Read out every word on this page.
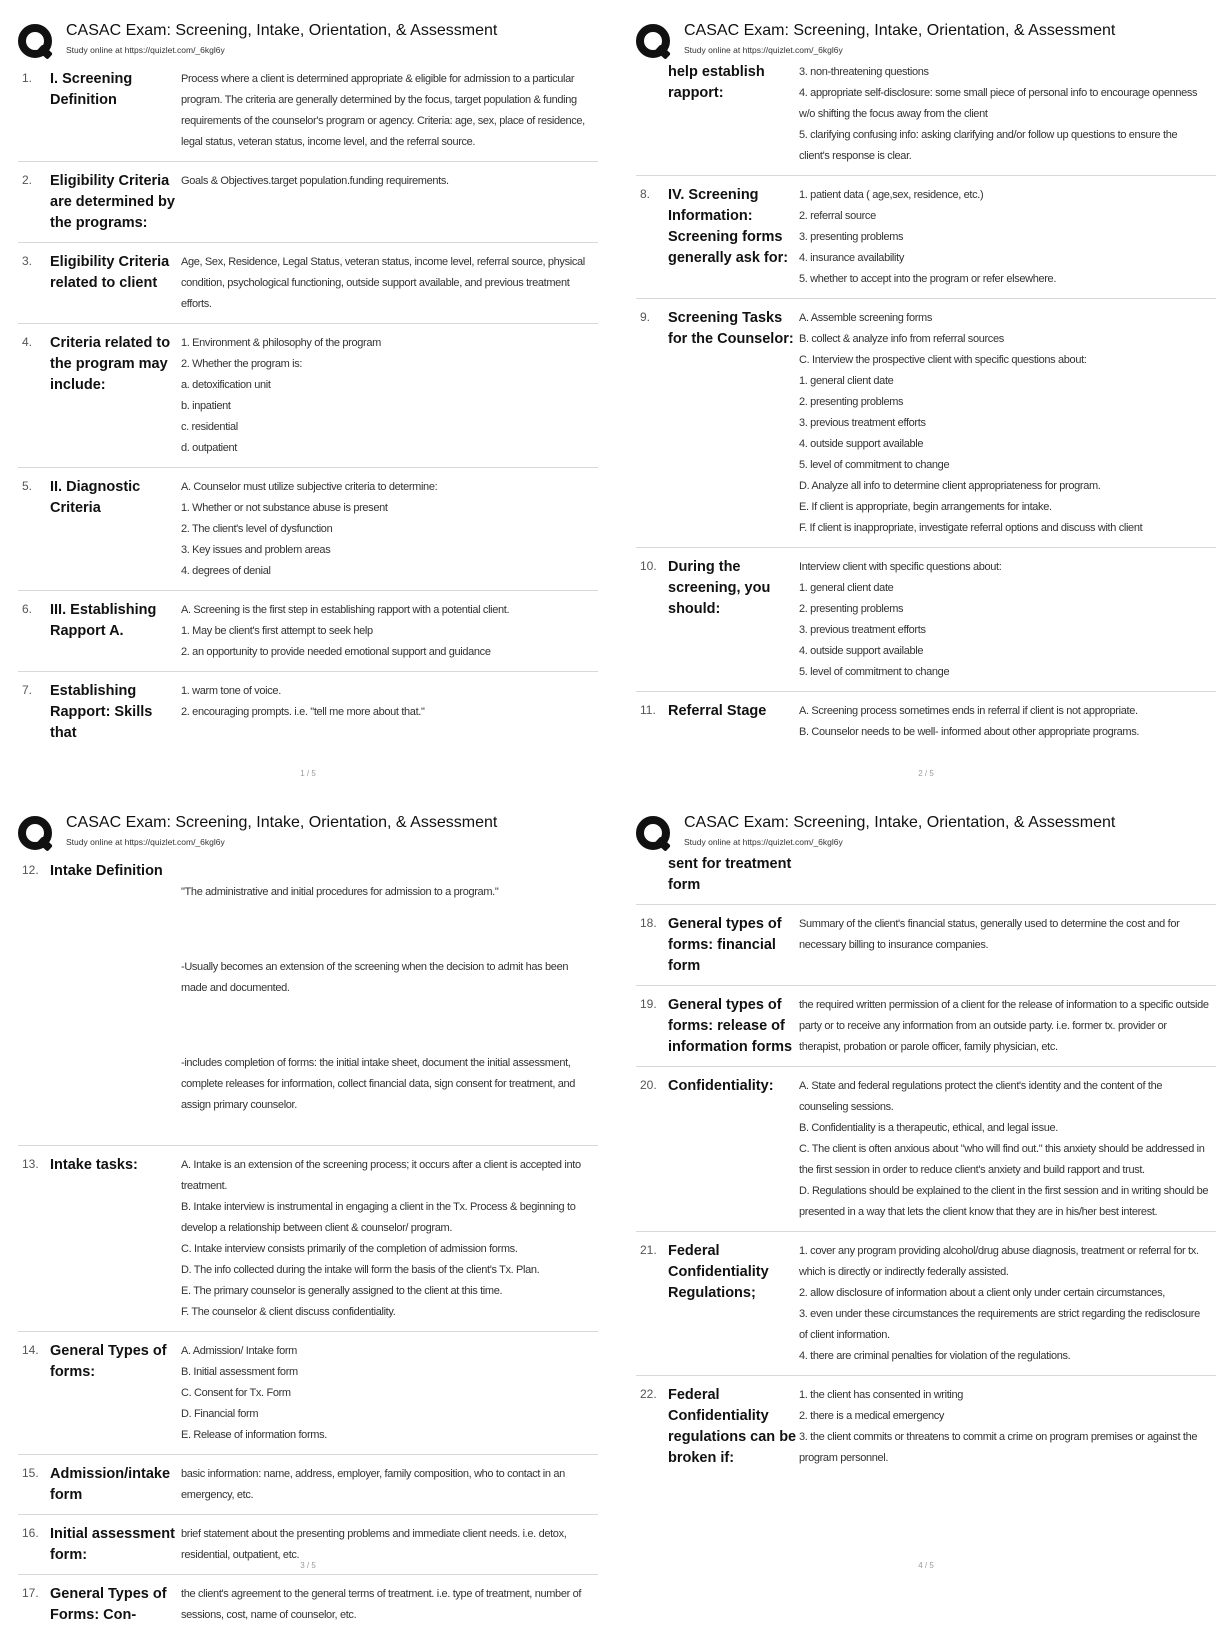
CASAC Exam: Screening, Intake, Orientation, & Assessment
Study online at https://quizlet.com/_6kgl6y
1.	I. Screening Definition
Process where a client is determined appropriate & eligible for admission to a particular program. The criteria are generally determined by the focus, target population & funding requirements of the counselor's program or agency. Criteria: age, sex, place of residence, legal status, veteran status, income level, and the referral source.
2.	Eligibility Criteria are determined by the programs:
Goals & Objectives.target population.funding requirements.
3.	Eligibility Criteria related to client
Age, Sex, Residence, Legal Status, veteran status, income level, referral source, physical condition, psychological functioning, outside support available, and previous treatment efforts.
4.	Criteria related to the program may include:
1. Environment & philosophy of the program
2. Whether the program is:
a. detoxification unit
b. inpatient
c. residential
d. outpatient
5.	II. Diagnostic Criteria
A. Counselor must utilize subjective criteria to determine:
1. Whether or not substance abuse is present
2. The client's level of dysfunction
3. Key issues and problem areas
4. degrees of denial
6.	III. Establishing Rapport A.
A. Screening is the first step in establishing rapport with a potential client.
1. May be client's first attempt to seek help
2. an opportunity to provide needed emotional support and guidance
7.	Establishing Rapport: Skills that
1. warm tone of voice.
2. encouraging prompts. i.e. "tell me more about that."
1 / 5
CASAC Exam: Screening, Intake, Orientation, & Assessment
Study online at https://quizlet.com/_6kgl6y
help establish rapport:
3. non-threatening questions
4. appropriate self-disclosure: some small piece of personal info to encourage openness w/o shifting the focus away from the client
5. clarifying confusing info: asking clarifying and/or follow up questions to ensure the client's response is clear.
8.	IV. Screening Information: Screening forms generally ask for:
1. patient data ( age,sex, residence, etc.)
2. referral source
3. presenting problems
4. insurance availability
5. whether to accept into the program or refer elsewhere.
9.	Screening Tasks for the Counselor:
A. Assemble screening forms
B. collect & analyze info from referral sources
C. Interview the prospective client with specific questions about:
1. general client date
2. presenting problems
3. previous treatment efforts
4. outside support available
5. level of commitment to change
D. Analyze all info to determine client appropriateness for program.
E. If client is appropriate, begin arrangements for intake.
F. If client is inappropriate, investigate referral options and discuss with client
10. During the screening, you should:
Interview client with specific questions about:
1. general client date
2. presenting problems
3. previous treatment efforts
4. outside support available
5. level of commitment to change
11. Referral Stage	A. Screening process sometimes ends in referral if client is not appropriate.
B. Counselor needs to be well- informed about other appropriate programs.
2 / 5
CASAC Exam: Screening, Intake, Orientation, & Assessment
Study online at https://quizlet.com/_6kgl6y
12. Intake Definition

"The administrative and initial procedures for admission to a program."

-Usually becomes an extension of the screening when the decision to admit has been made and documented.

-includes completion of forms: the initial intake sheet, document the initial assessment, complete releases for information, collect financial data, sign consent for treatment, and assign primary counselor.

13. Intake tasks:	A. Intake is an extension of the screening process; it occurs after a client is accepted into treatment.
B. Intake interview is instrumental in engaging a client in the Tx. Process & beginning to develop a relationship between client & counselor/ program.
C. Intake interview consists primarily of the completion of admission forms.
D. The info collected during the intake will form the basis of the client's Tx. Plan.
E. The primary counselor is generally assigned to the client at this time.
F. The counselor & client discuss confidentiality.
14. General Types of forms:
A. Admission/ Intake form
B. Initial assessment form
C. Consent for Tx. Form
D. Financial form
E. Release of information forms.
15. Admission/intake form
basic information: name, address, employer, family composition, who to contact in an emergency, etc.
16. Initial assessment form:
brief statement about the presenting problems and immediate client needs. i.e. detox, residential, outpatient, etc.
17. General Types of Forms: Con-
the client's agreement to the general terms of treatment. i.e. type of treatment, number of sessions, cost, name of counselor, etc.
3 / 5
CASAC Exam: Screening, Intake, Orientation, & Assessment
Study online at https://quizlet.com/_6kgl6y
sent for treatment form
18. General types of forms: financial form
Summary of the client's financial status, generally used to determine the cost and for necessary billing to insurance companies.
19. General types of forms: release of information forms
the required written permission of a client for the release of information to a specific outside party or to receive any information from an outside party. i.e. former tx. provider or therapist, probation or parole officer, family physician, etc.
20. Confidentiality:	A. State and federal regulations protect the client's identity and the content of the counseling sessions.
B. Confidentiality is a therapeutic, ethical, and legal issue.
C. The client is often anxious about "who will find out." this anxiety should be addressed in the first session in order to reduce client's anxiety and build rapport and trust.
D. Regulations should be explained to the client in the first session and in writing should be presented in a way that lets the client know that they are in his/her best interest.
21. Federal Confidentiality Regulations;
1. cover any program providing alcohol/drug abuse diagnosis, treatment or referral for tx. which is directly or indirectly federally assisted.
2. allow disclosure of information about a client only under certain circumstances,
3. even under these circumstances the requirements are strict regarding the redisclosure of client information.
4. there are criminal penalties for violation of the regulations.
22. Federal Confidentiality regulations can be broken if:
1. the client has consented in writing
2. there is a medical emergency
3. the client commits or threatens to commit a crime on program premises or against the program personnel.
4 / 5
